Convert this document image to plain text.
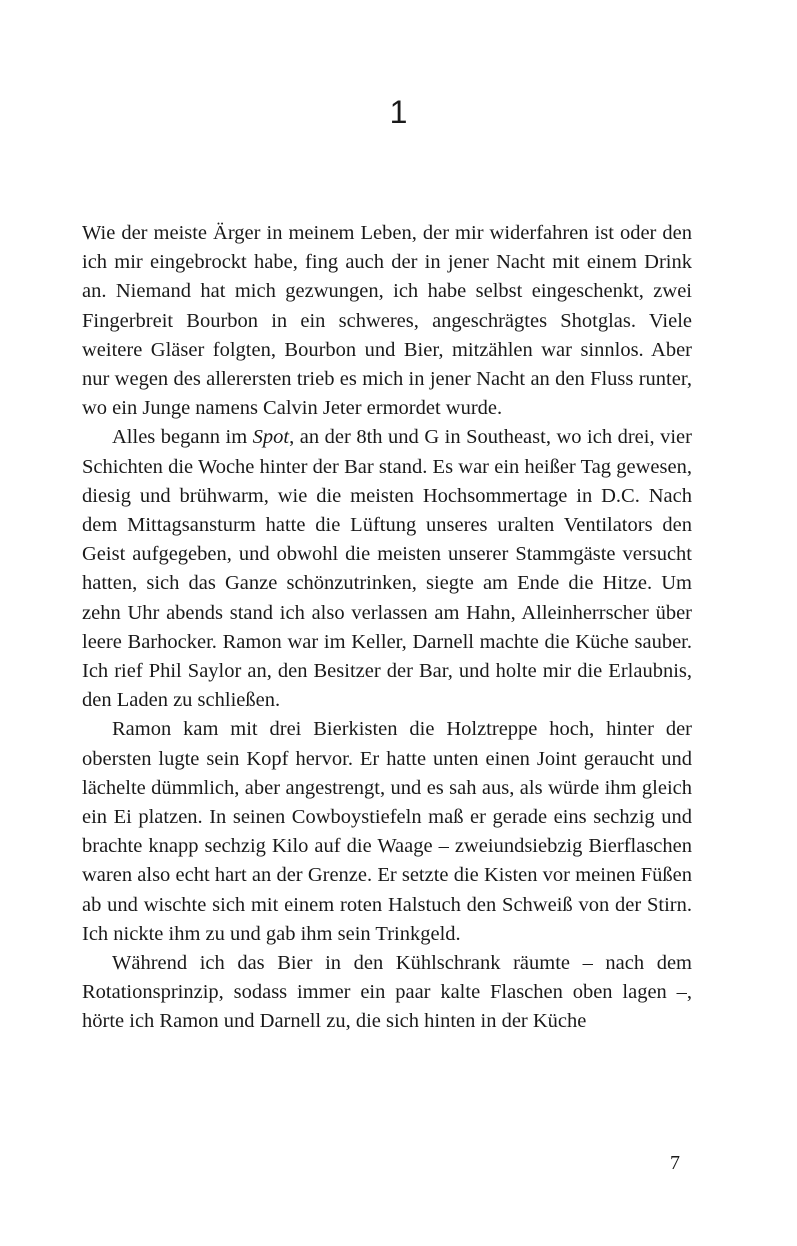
1

Wie der meiste Ärger in meinem Leben, der mir widerfahren ist oder den ich mir eingebrockt habe, fing auch der in jener Nacht mit einem Drink an. Niemand hat mich gezwungen, ich habe selbst eingeschenkt, zwei Fingerbreit Bourbon in ein schweres, angeschrägtes Shotglas. Viele weitere Gläser folgten, Bourbon und Bier, mitzählen war sinnlos. Aber nur wegen des allerersten trieb es mich in jener Nacht an den Fluss runter, wo ein Junge namens Calvin Jeter ermordet wurde.

Alles begann im Spot, an der 8th und G in Southeast, wo ich drei, vier Schichten die Woche hinter der Bar stand. Es war ein heißer Tag gewesen, diesig und brühwarm, wie die meisten Hochsommertage in D.C. Nach dem Mittagsansturm hatte die Lüftung unseres uralten Ventilators den Geist aufgegeben, und obwohl die meisten unserer Stammgäste versucht hatten, sich das Ganze schönzutrinken, siegte am Ende die Hitze. Um zehn Uhr abends stand ich also verlassen am Hahn, Alleinherrscher über leere Barhocker. Ramon war im Keller, Darnell machte die Küche sauber. Ich rief Phil Saylor an, den Besitzer der Bar, und holte mir die Erlaubnis, den Laden zu schließen.

Ramon kam mit drei Bierkisten die Holztreppe hoch, hinter der obersten lugte sein Kopf hervor. Er hatte unten einen Joint geraucht und lächelte dümmlich, aber angestrengt, und es sah aus, als würde ihm gleich ein Ei platzen. In seinen Cowboystiefeln maß er gerade eins sechzig und brachte knapp sechzig Kilo auf die Waage – zweiundsiebzig Bierflaschen waren also echt hart an der Grenze. Er setzte die Kisten vor meinen Füßen ab und wischte sich mit einem roten Halstuch den Schweiß von der Stirn. Ich nickte ihm zu und gab ihm sein Trinkgeld.

Während ich das Bier in den Kühlschrank räumte – nach dem Rotationsprinzip, sodass immer ein paar kalte Flaschen oben lagen –, hörte ich Ramon und Darnell zu, die sich hinten in der Küche

7
